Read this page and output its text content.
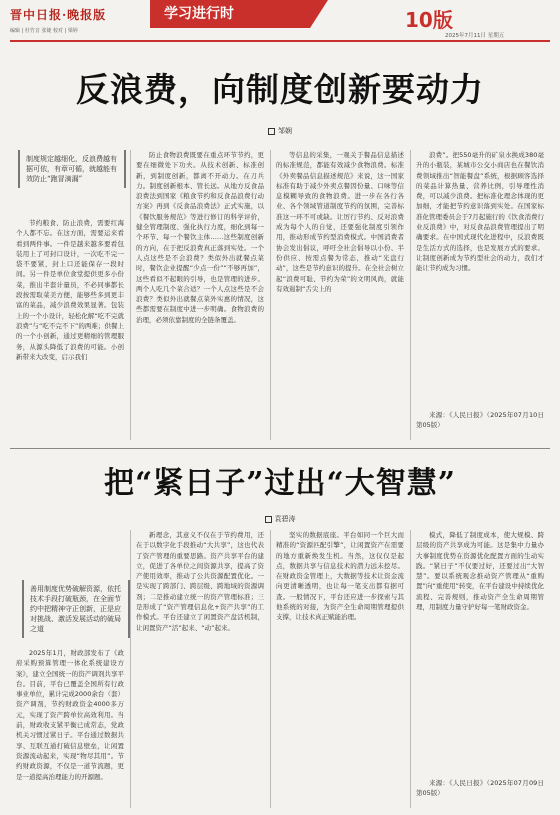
晋中日报·晚报版
编辑 | 杜竹音 张婕 校对 | 梁婷
学习进行时	10版
2025年7月11日 星期五
反浪费，向制度创新要动力
邹娴
制度规定越细化，反浪费越有据可依，有章可循，就越能有效防止“跑冒滴漏”

节约粮食、防止浪费，需要红海个人都不忘。在这方面，需要运来看看到两件事。一件是越来越多要看包装用上了可封口设计，一次吃不完一袋不要紧，封上口还能保存一段时间。另一件是单位食堂提供更多小份菜，推出半套计量员，不必同事都长段按需取菜美方便，能够些多到更丰富的菜品，减少浪费效果显著。包装上的一个小设计，轻松化解“吃不完就浪费”与“吃不完不下”的两难；供餐上的一个小创新，通过更精细的管理服务，从源头降低了浪费的可能。小创新带来大改变，启示我们

防止食物浪费既要在重点环节节约，更要在细微处下功夫。从技术创新、标准创新，到制度创新，都离不开动力。在刀兵力。制度创新根本、管长远。从地方反食品浪费法到国家《粮食节约和反食品浪费行动方案》再到《反食品浪费法》正式实施，以《餐饮服务规范》等进行修订的科学评价，健全管理制度、强化执行力度，细化到每一个环节、每一个餐饮主体……这些制度创新的方向，在于把反浪费真正落到实处。一个人点这些是不会浪费？类似外出就餐点菜时，餐饮企业提醒“少点一份”“不够再加”，这些看似不起眼的引导，也是管理的进步。两个人吃几个菜合适？一个人点这些是不会浪费？类似外出就餐点菜外实惠的情况，这些都需要在制度中进一步明确。食物浪费的治理，必须依靠制度的全链条覆盖。

等信息的采集，一观关于餐品信息描述的标准规范，都能有效减少食物浪费。标准《外卖餐品信息描述规范》来说，这一国家标准有助于减少外卖点餐因份量、口味等信息模糊导致的食物浪费。进一步在各行各业、各个领域管道制度节约的氛围，完善标准这一环不可或缺。让厉行节约、反对浪费成为每个人的自觉，还要强化制度引领作用，推动形成节约型消费模式。中国消费者协会发出倡议，呼吁全社会倡导以小份、半份供应、按需点餐为常态，推动“光盘行动”，这些是节约意识的提升。在全社会树立起“浪费可耻、节约为荣”的文明风尚，就能有效遏制“舌尖上的

浪费”。把550毫升的矿泉水换成380毫升的小瓶装，某城市公交小商店也在餐饮消费领域推出“智能餐盘”系统，根据顾客选择的菜品计算热量、营养比例，引导理性消费，可以减少浪费。把标准化理念体现的更加细，才能把节约意识落到实处。在国家标准化管理委员会于7月起施行的《饮食消费行业反浪费》中，对反食品浪费管理提出了明确要求。在中国式现代化进程中，反浪费既是生活方式的选择，也是发展方式的要求。让制度创新成为节约型社会的动力，我们才能让节约成为习惯。

来源：《人民日报》（2025年07月10日 第05版）

把“紧日子”过出“大智慧”
袁碧涛
善用制度优势破解资源，依托技术手段打破瓶颈，在全面节约中把精神守正创新，正是应对挑战、激活发展活动的破局之道

2025年1月，财政部发布了《政府采购预算管理一体化系统建设方案》，建立全国统一的资产调剂共享平台。目前，平台已覆盖全国所有行政事业单位，累计完成2000余台（套）资产调剂，节约财政资金4000多万元，实现了资产跨单位高效利用。当前，财政收支紧平衡已成常态，党政机关习惯过紧日子。平台通过数据共享、互联互通打破信息壁垒，让闲置资源流动起来，实现“物尽其用”。节约财政资源，不仅是一道节流题，更是一道提高治理能力的开源题。

新理念，其意义不仅在于节约费用，还在于以数字化手段推动“大共享”，这也代表了资产管理的重要思路。资产共享平台的建立，促进了各单位之间资源共享，提高了资产使用效率，推动了公共资源配置优化。一是实现了跨部门、跨层级、跨地域的资源调剂；二是推动建立统一的资产管理标准；三是形成了“资产管理信息化+资产共享”的工作模式。平台还建立了闲置资产盘活机制，让闲置资产“活”起来、“动”起来。

坚实的数据底座。平台如同一个巨大而精准的“资源匹配引擎”，让闲置资产在需要的地方重新焕发生机。当然，这仅仅是起点，数据共享与信息技术的潜力远未挖尽。在财政资金管理上，大数据等技术让资金流向更清晰透明，也让每一笔支出都有据可查。一般情况下，平台还应进一步探索与其他系统的对接，为资产全生命周期管理提供支撑，让技术真正赋能治理。

模式，降低了制度成本，使大规模、跨层级的资产共享成为可能。这是集中力量办大事制度优势在资源优化配置方面的生动实践。“紧日子”不仅要过好，还要过出“大智慧”。要以系统观念推动资产管理从“重购置”向“重使用”转变，在平台建设中持续优化流程、完善规则，推动资产全生命周期管理，用制度力量守护好每一笔财政资金。

来源：《人民日报》（2025年07月09日 第05版）
